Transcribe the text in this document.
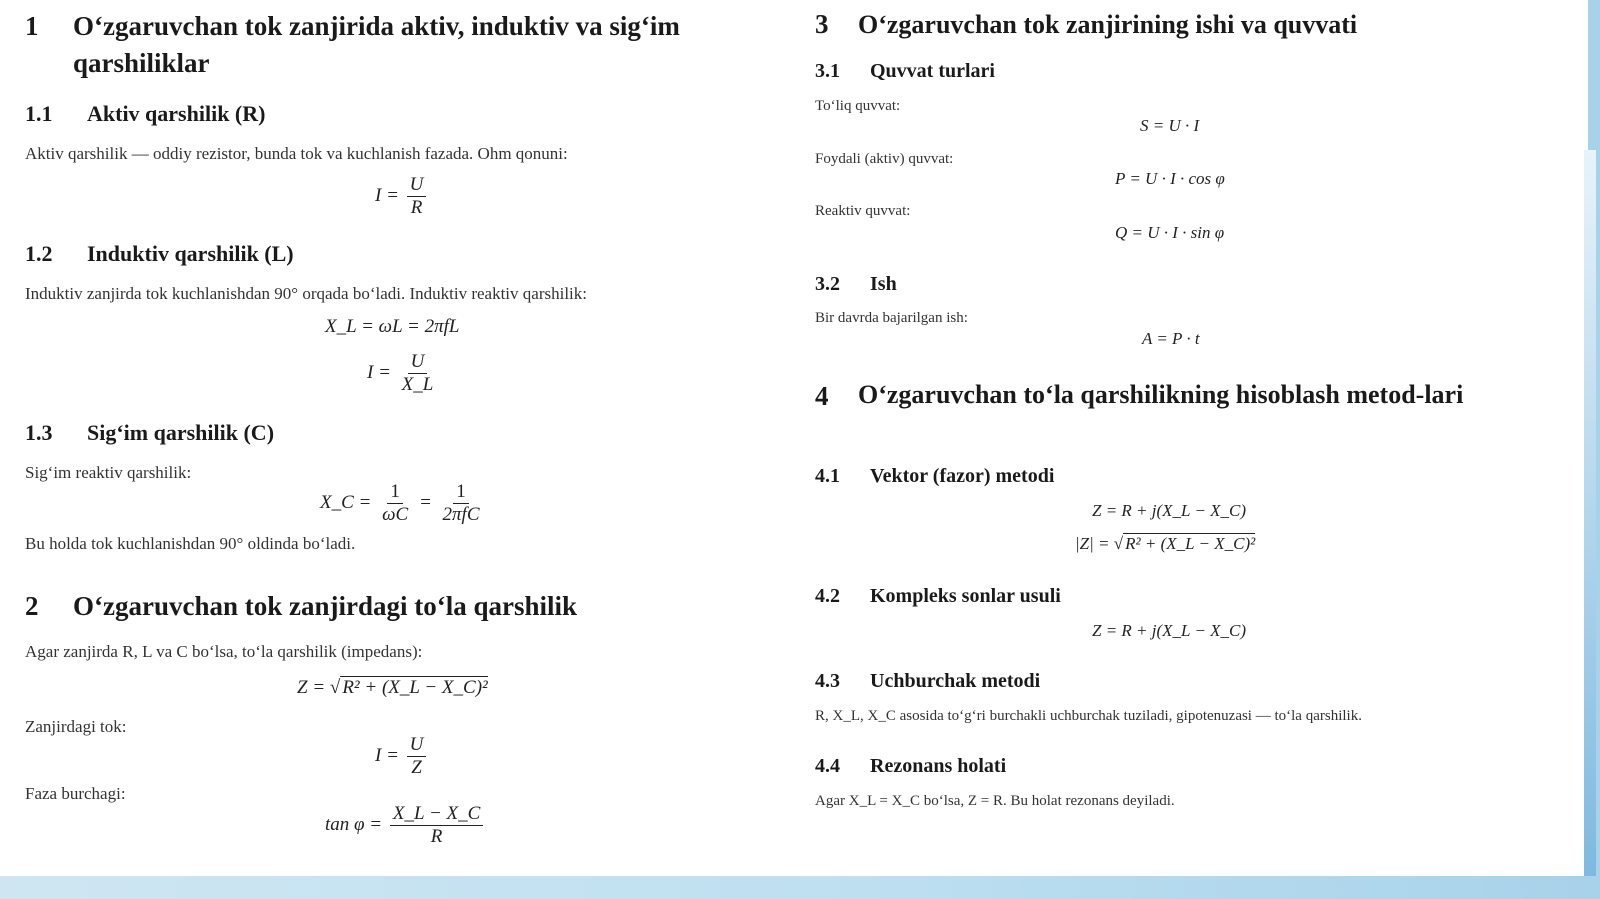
1	O‘zgaruvchan tok zanjirida aktiv, induktiv va sig‘im qarshiliklar
1.1	Aktiv qarshilik (R)

Aktiv qarshilik — oddiy rezistor, bunda tok va kuchlanish fazada. Ohm qonuni:

$I = \frac{U}{R}$
1.2	Induktiv qarshilik (L)

Induktiv zanjirda tok kuchlanishdan 90° orqada bo‘ladi. Induktiv reaktiv qarshilik:

X_L = ωL = 2πfL
$I = \frac{U}{X\_L}$
1.3	Sig‘im qarshilik (C)

Sig‘im reaktiv qarshilik:

X_C = $\frac{1}{\omega C} = \frac{1}{\text{2πfC}}$

Bu holda tok kuchlanishdan 90° oldinda bo‘ladi.

2	O‘zgaruvchan tok zanjirdagi to‘la qarshilik

Agar zanjirda R, L va C bo‘lsa, to‘la qarshilik (impedans):

Z = √ R² + (X_L − X_C)²

Zanjirdagi tok:

$I = \frac{U}{Z}$

Faza burchagi:

$\tan \varphi = \frac{X\_L - X\_C}{R}$
3	O‘zgaruvchan tok zanjirining ishi va quvvati
3.1	Quvvat turlari

To‘liq quvvat:

S = U · I

Foydali (aktiv) quvvat:

P = U · I · cos φ

Reaktiv quvvat:

Q = U · I · sin φ
3.2	Ish

Bir davrda bajarilgan ish:

A = P · t
4	O‘zgaruvchan to‘la qarshilikning hisoblash metod-lari
4.1	Vektor (fazor) metodi
Z = R + j(X_L − X_C)
|Z| = √ R² + (X_L − X_C)²
4.2	Kompleks sonlar usuli
Z = R + j(X_L − X_C)
4.3	Uchburchak metodi

R, X_L, X_C asosida to‘g‘ri burchakli uchburchak tuziladi, gipotenuzasi — to‘la qarshilik.

4.4	Rezonans holati

Agar X_L = X_C bo‘lsa, Z = R. Bu holat rezonans deyiladi.
